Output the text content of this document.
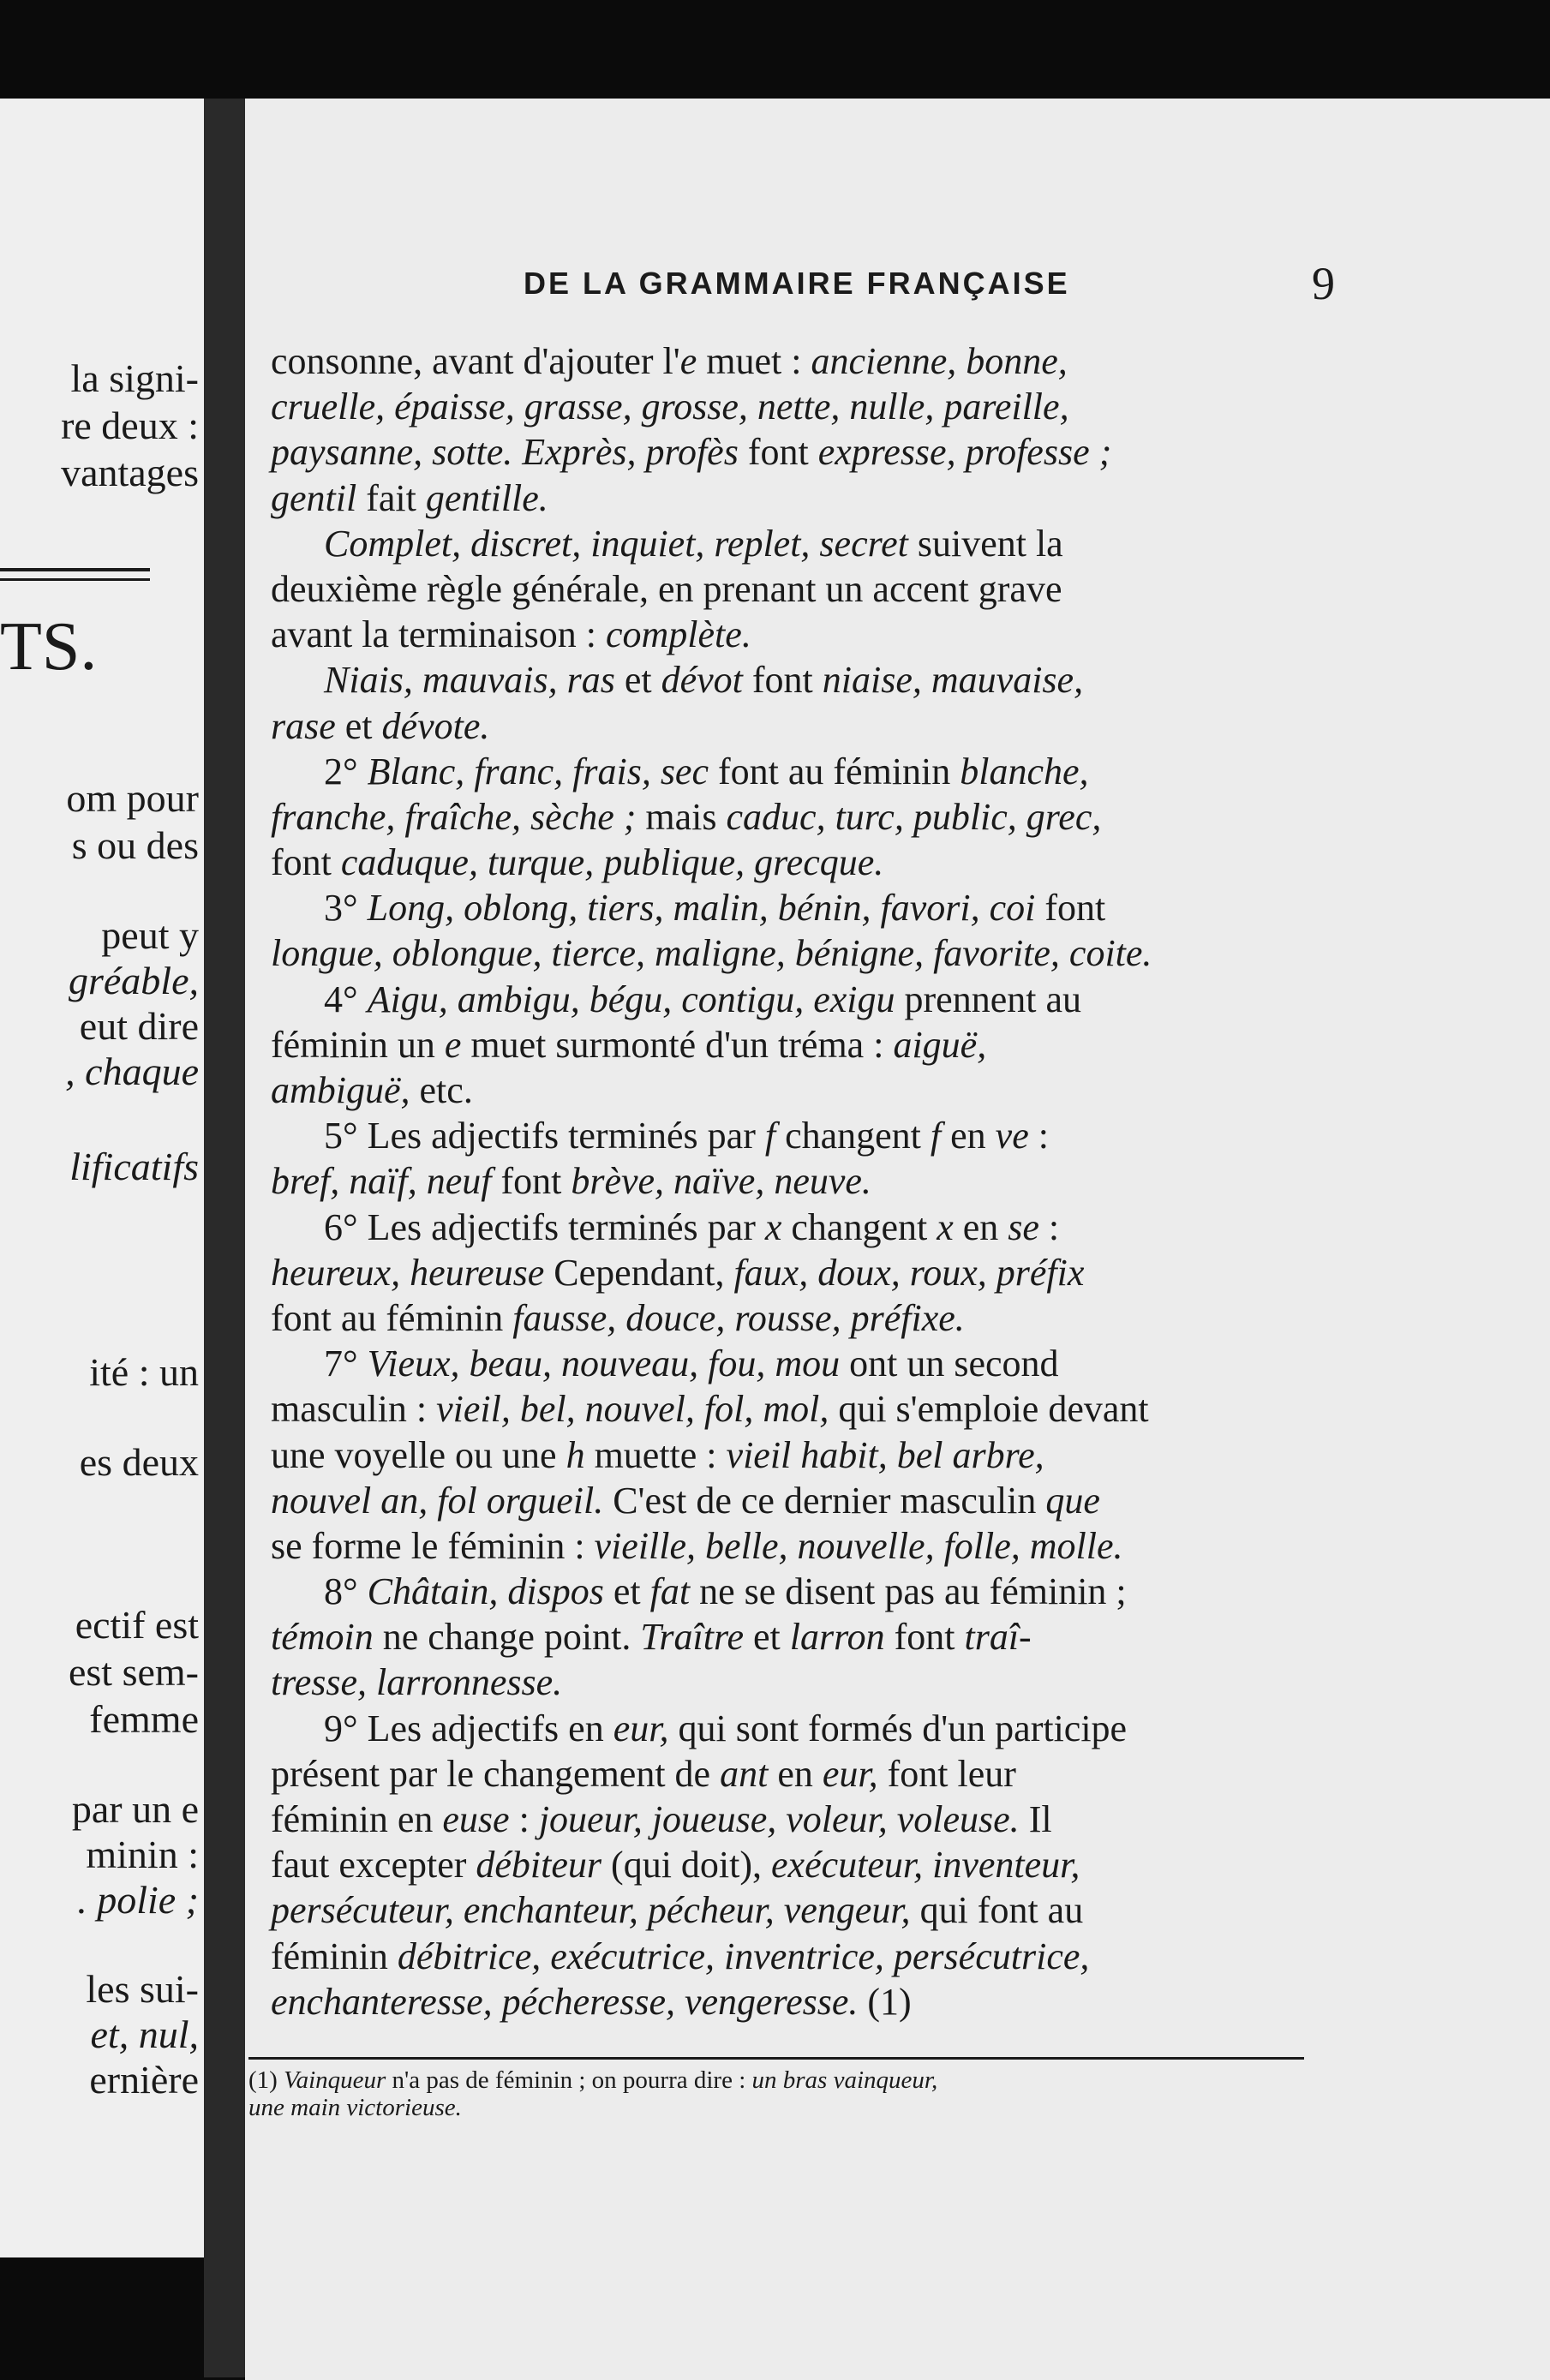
TS.
la signi-
re deux :
vantages
om pour
s ou des
peut y
gréable,
eut dire
, chaque
lificatifs
ité : un
es deux
ectif est
est sem-
femme
par un e
minin :
. polie ;
les sui-
et, nul,
ernière
DE LA GRAMMAIRE FRANÇAISE	9
consonne, avant d'ajouter l'e muet : ancienne, bonne,
cruelle, épaisse, grasse, grosse, nette, nulle, pareille,
paysanne, sotte. Exprès, profès font expresse, professe ;
gentil fait gentille.
Complet, discret, inquiet, replet, secret suivent la
deuxième règle générale, en prenant un accent grave
avant la terminaison : complète.
Niais, mauvais, ras et dévot font niaise, mauvaise,
rase et dévote.
2° Blanc, franc, frais, sec font au féminin blanche,
franche, fraîche, sèche ; mais caduc, turc, public, grec,
font caduque, turque, publique, grecque.
3° Long, oblong, tiers, malin, bénin, favori, coi font
longue, oblongue, tierce, maligne, bénigne, favorite, coite.
4° Aigu, ambigu, bégu, contigu, exigu prennent au
féminin un e muet surmonté d'un tréma : aiguë,
ambiguë, etc.
5° Les adjectifs terminés par f changent f en ve :
bref, naïf, neuf font brève, naïve, neuve.
6° Les adjectifs terminés par x changent x en se :
heureux, heureuse Cependant, faux, doux, roux, préfix
font au féminin fausse, douce, rousse, préfixe.
7° Vieux, beau, nouveau, fou, mou ont un second
masculin : vieil, bel, nouvel, fol, mol, qui s'emploie devant
une voyelle ou une h muette : vieil habit, bel arbre,
nouvel an, fol orgueil. C'est de ce dernier masculin que
se forme le féminin : vieille, belle, nouvelle, folle, molle.
8° Châtain, dispos et fat ne se disent pas au féminin ;
témoin ne change point. Traître et larron font traî-
tresse, larronnesse.
9° Les adjectifs en eur, qui sont formés d'un participe
présent par le changement de ant en eur, font leur
féminin en euse : joueur, joueuse, voleur, voleuse. Il
faut excepter débiteur (qui doit), exécuteur, inventeur,
persécuteur, enchanteur, pécheur, vengeur, qui font au
féminin débitrice, exécutrice, inventrice, persécutrice,
enchanteresse, pécheresse, vengeresse. (1)
(1) Vainqueur n'a pas de féminin ; on pourra dire : un bras vainqueur,
une main victorieuse.
